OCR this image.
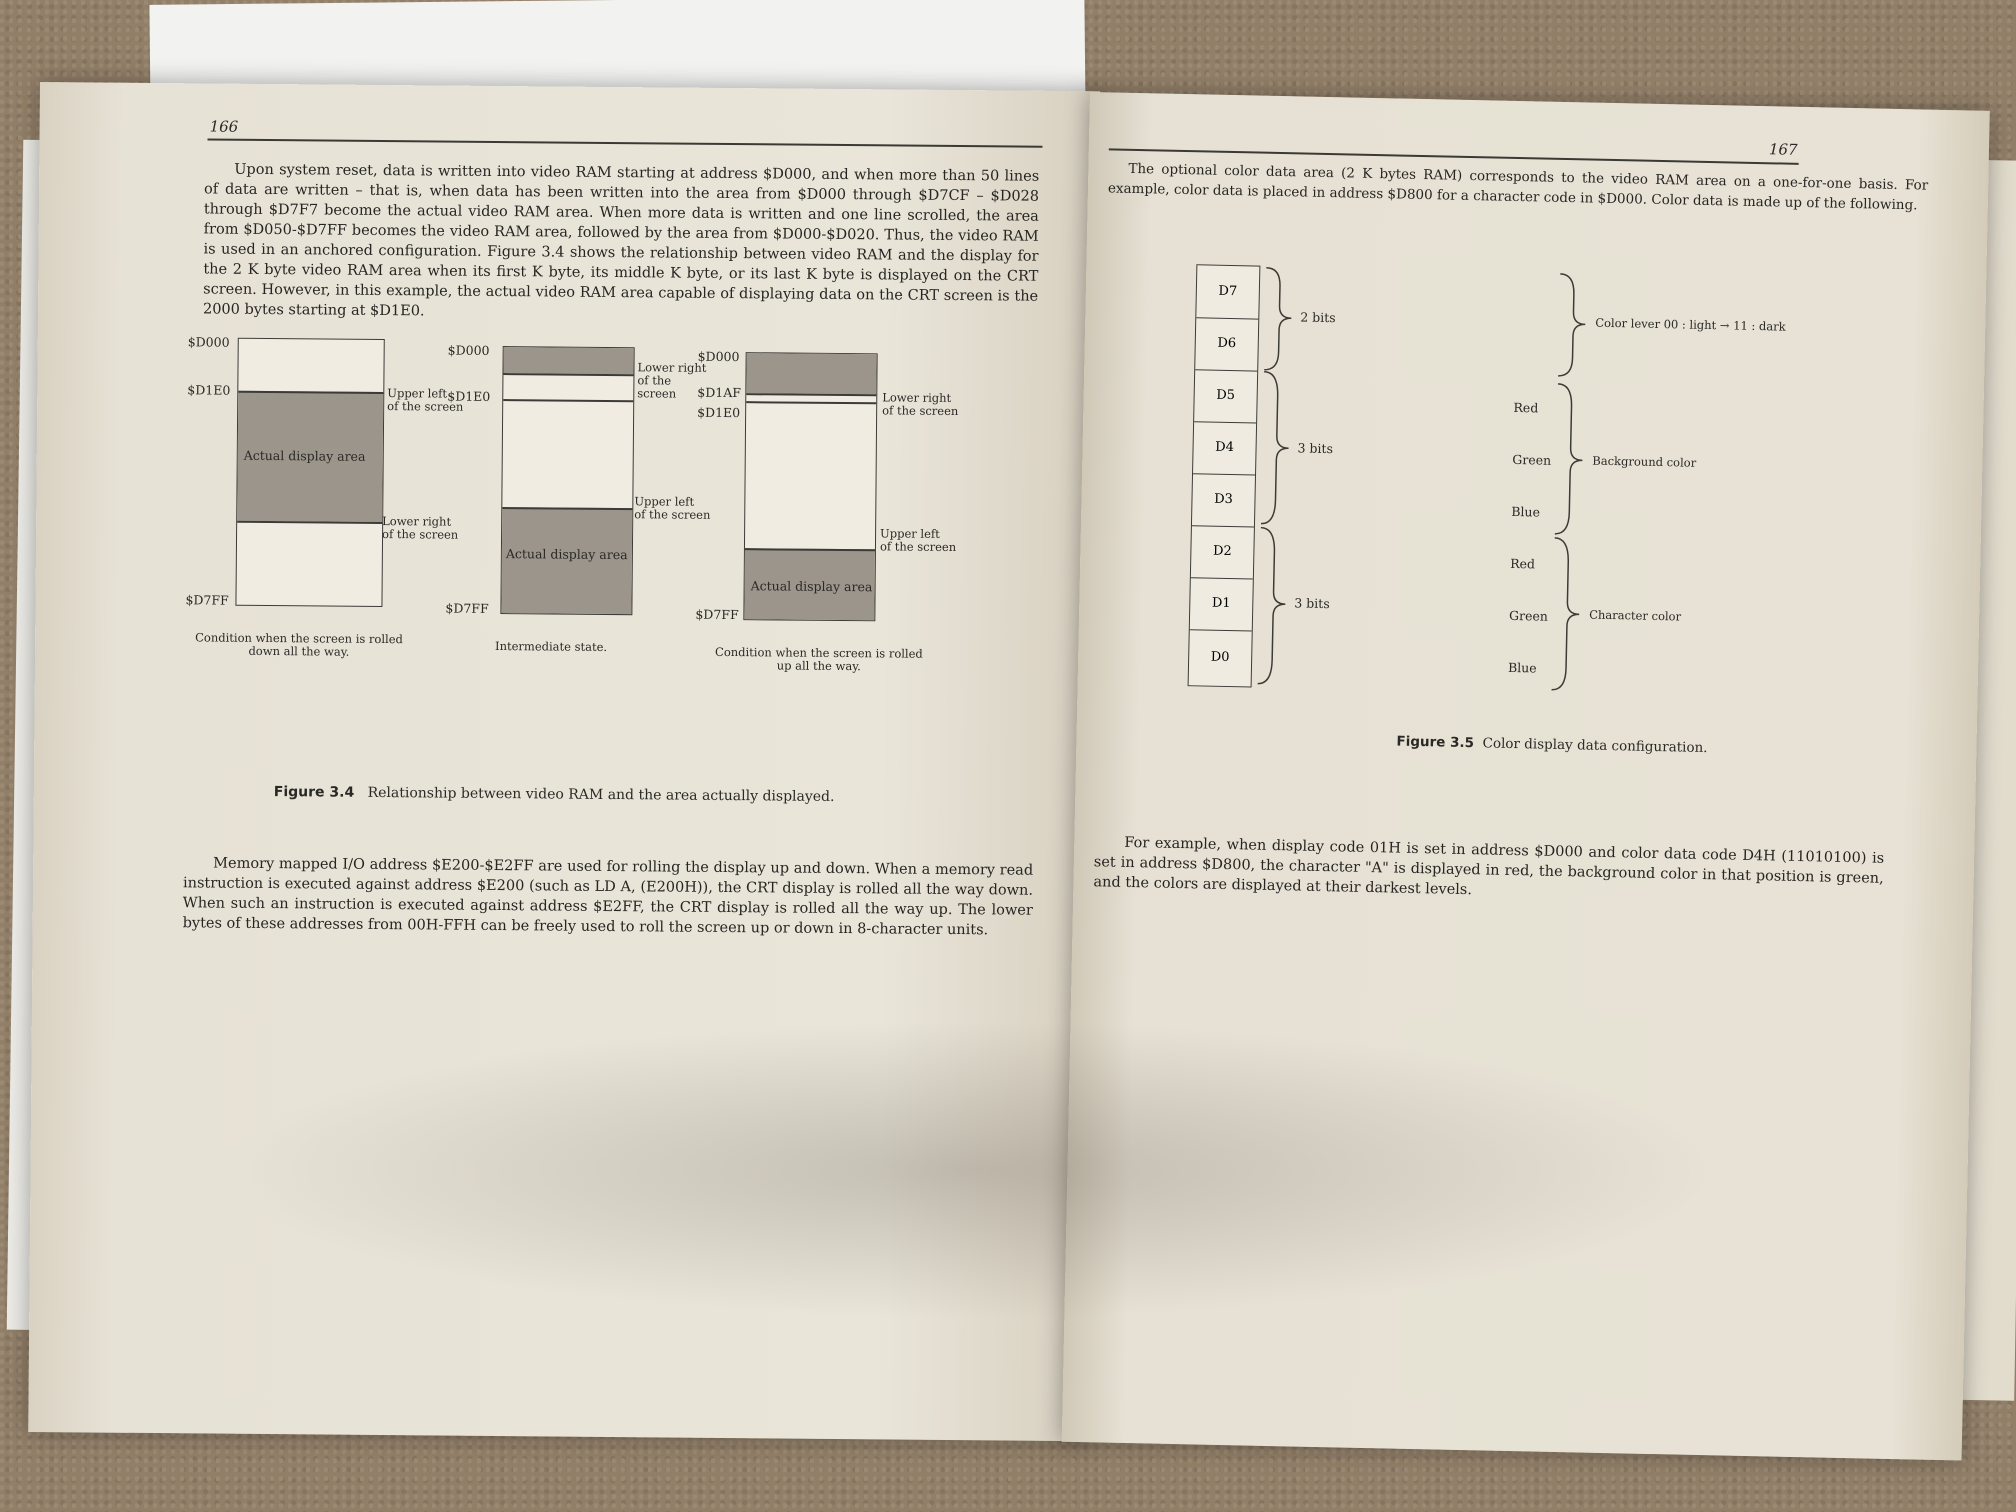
166
Upon system reset, data is written into video RAM starting at address $D000, and when more than 50 lines of data are written – that is, when data has been written into the area from $D000 through $D7CF – $D028 through $D7F7 become the actual video RAM area. When more data is written and one line scrolled, the area from $D050-$D7FF becomes the video RAM area, followed by the area from $D000-$D020. Thus, the video RAM is used in an anchored configuration. Figure 3.4 shows the relationship between video RAM and the display for the 2 K byte video RAM area when its first K byte, its middle K byte, or its last K byte is displayed on the CRT screen. However, in this example, the actual video RAM area capable of displaying data on the CRT screen is the 2000 bytes starting at $D1E0.
$D000
$D1E0
$D7FF
Actual display area
Upper left
of the screen
Lower right
of the screen
Condition when the screen is rolled
down all the way.
$D000
$D1E0
$D7FF
Actual display area
Lower right
of the
screen
Upper left
of the screen
Intermediate state.
$D000
$D1AF
$D1E0
$D7FF
Actual display area
Lower right
of the screen
Upper left
of the screen
Condition when the screen is rolled
up all the way.
Figure 3.4 Relationship between video RAM and the area actually displayed.
Memory mapped I/O address $E200-$E2FF are used for rolling the display up and down. When a memory read instruction is executed against address $E200 (such as LD A, (E200H)), the CRT display is rolled all the way down. When such an instruction is executed against address $E2FF, the CRT display is rolled all the way up. The lower bytes of these addresses from 00H-FFH can be freely used to roll the screen up or down in 8-character units.
167
The optional color data area (2 K bytes RAM) corresponds to the video RAM area on a one-for-one basis. For example, color data is placed in address $D800 for a character code in $D000. Color data is made up of the following.
D7
D6
D5
D4
D3
D2
D1
D0
2 bits
3 bits
3 bits
Red
Green
Blue
Red
Green
Blue
Color lever 00 : light → 11 : dark
Background color
Character color
Figure 3.5 Color display data configuration.
For example, when display code 01H is set in address $D000 and color data code D4H (11010100) is set in address $D800, the character "A" is displayed in red, the background color in that position is green, and the colors are displayed at their darkest levels.
